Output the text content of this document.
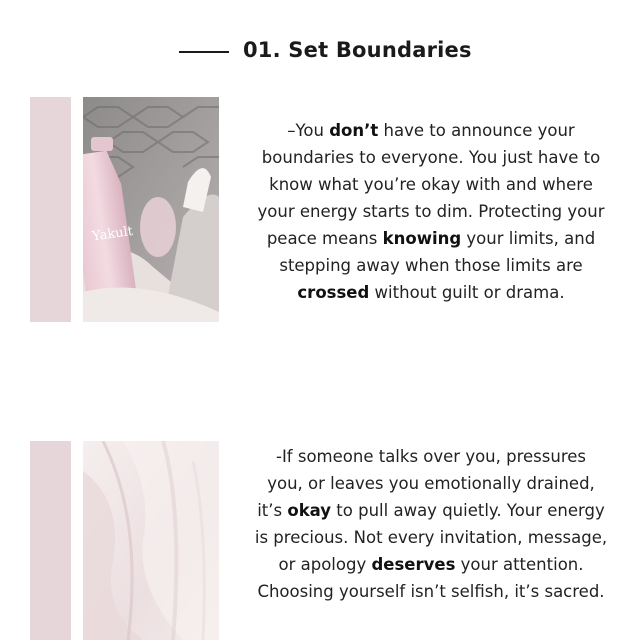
01. Set Boundaries
Yakult
–You don’t have to announce your
boundaries to everyone. You just have to
know what you’re okay with and where
your energy starts to dim. Protecting your
peace means knowing your limits, and
stepping away when those limits are
crossed without guilt or drama.
-If someone talks over you, pressures
you, or leaves you emotionally drained,
it’s okay to pull away quietly. Your energy
is precious. Not every invitation, message,
or apology deserves your attention.
Choosing yourself isn’t selfish, it’s sacred.
